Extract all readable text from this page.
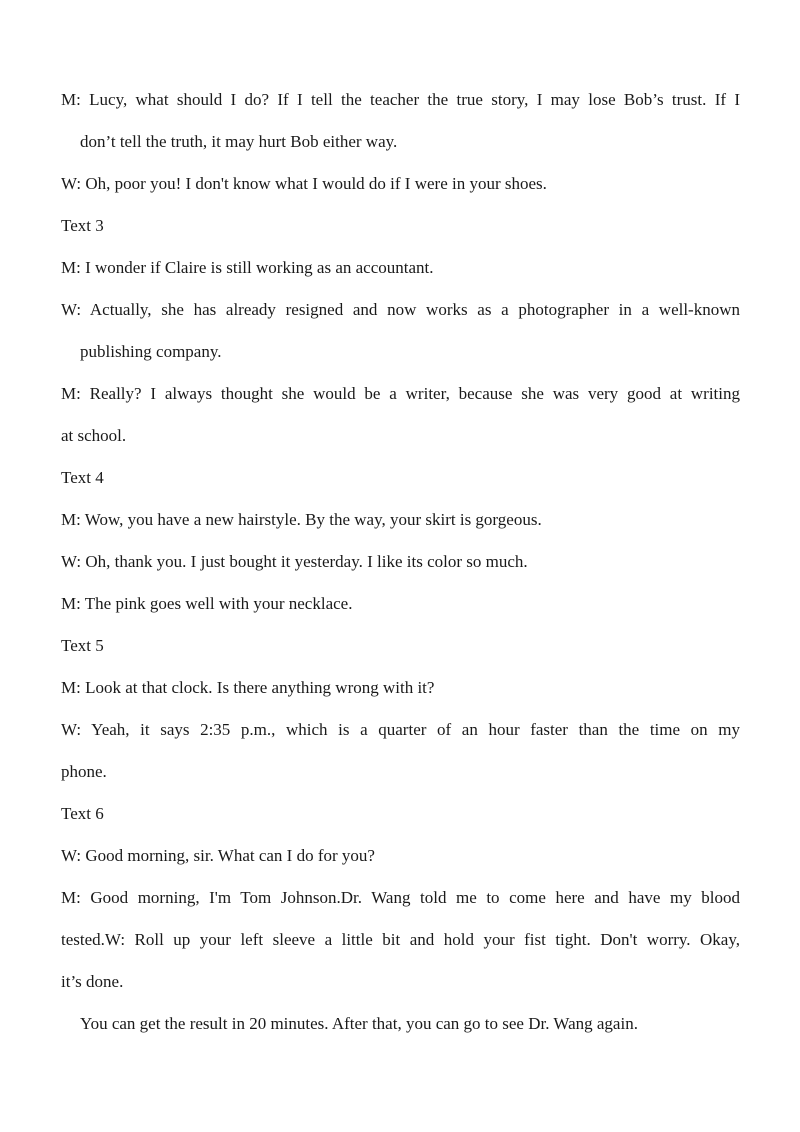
M: Lucy, what should I do? If I tell the teacher the true story, I may lose Bob’s trust. If I
don’t tell the truth, it may hurt Bob either way.
W: Oh, poor you! I don't know what I would do if I were in your shoes.
Text 3
M: I wonder if Claire is still working as an accountant.
W: Actually, she has already resigned and now works as a photographer in a well-known
publishing company.
M: Really? I always thought she would be a writer, because she was very good at writing
at school.
Text 4
M: Wow, you have a new hairstyle. By the way, your skirt is gorgeous.
W: Oh, thank you. I just bought it yesterday. I like its color so much.
M: The pink goes well with your necklace.
Text 5
M: Look at that clock. Is there anything wrong with it?
W: Yeah, it says 2:35 p.m., which is a quarter of an hour faster than the time on my
phone.
Text 6
W: Good morning, sir. What can I do for you?
M: Good morning, I'm Tom Johnson.Dr. Wang told me to come here and have my blood
tested.W: Roll up your left sleeve a little bit and hold your fist tight. Don't worry. Okay,
it’s done.
You can get the result in 20 minutes. After that, you can go to see Dr. Wang again.
